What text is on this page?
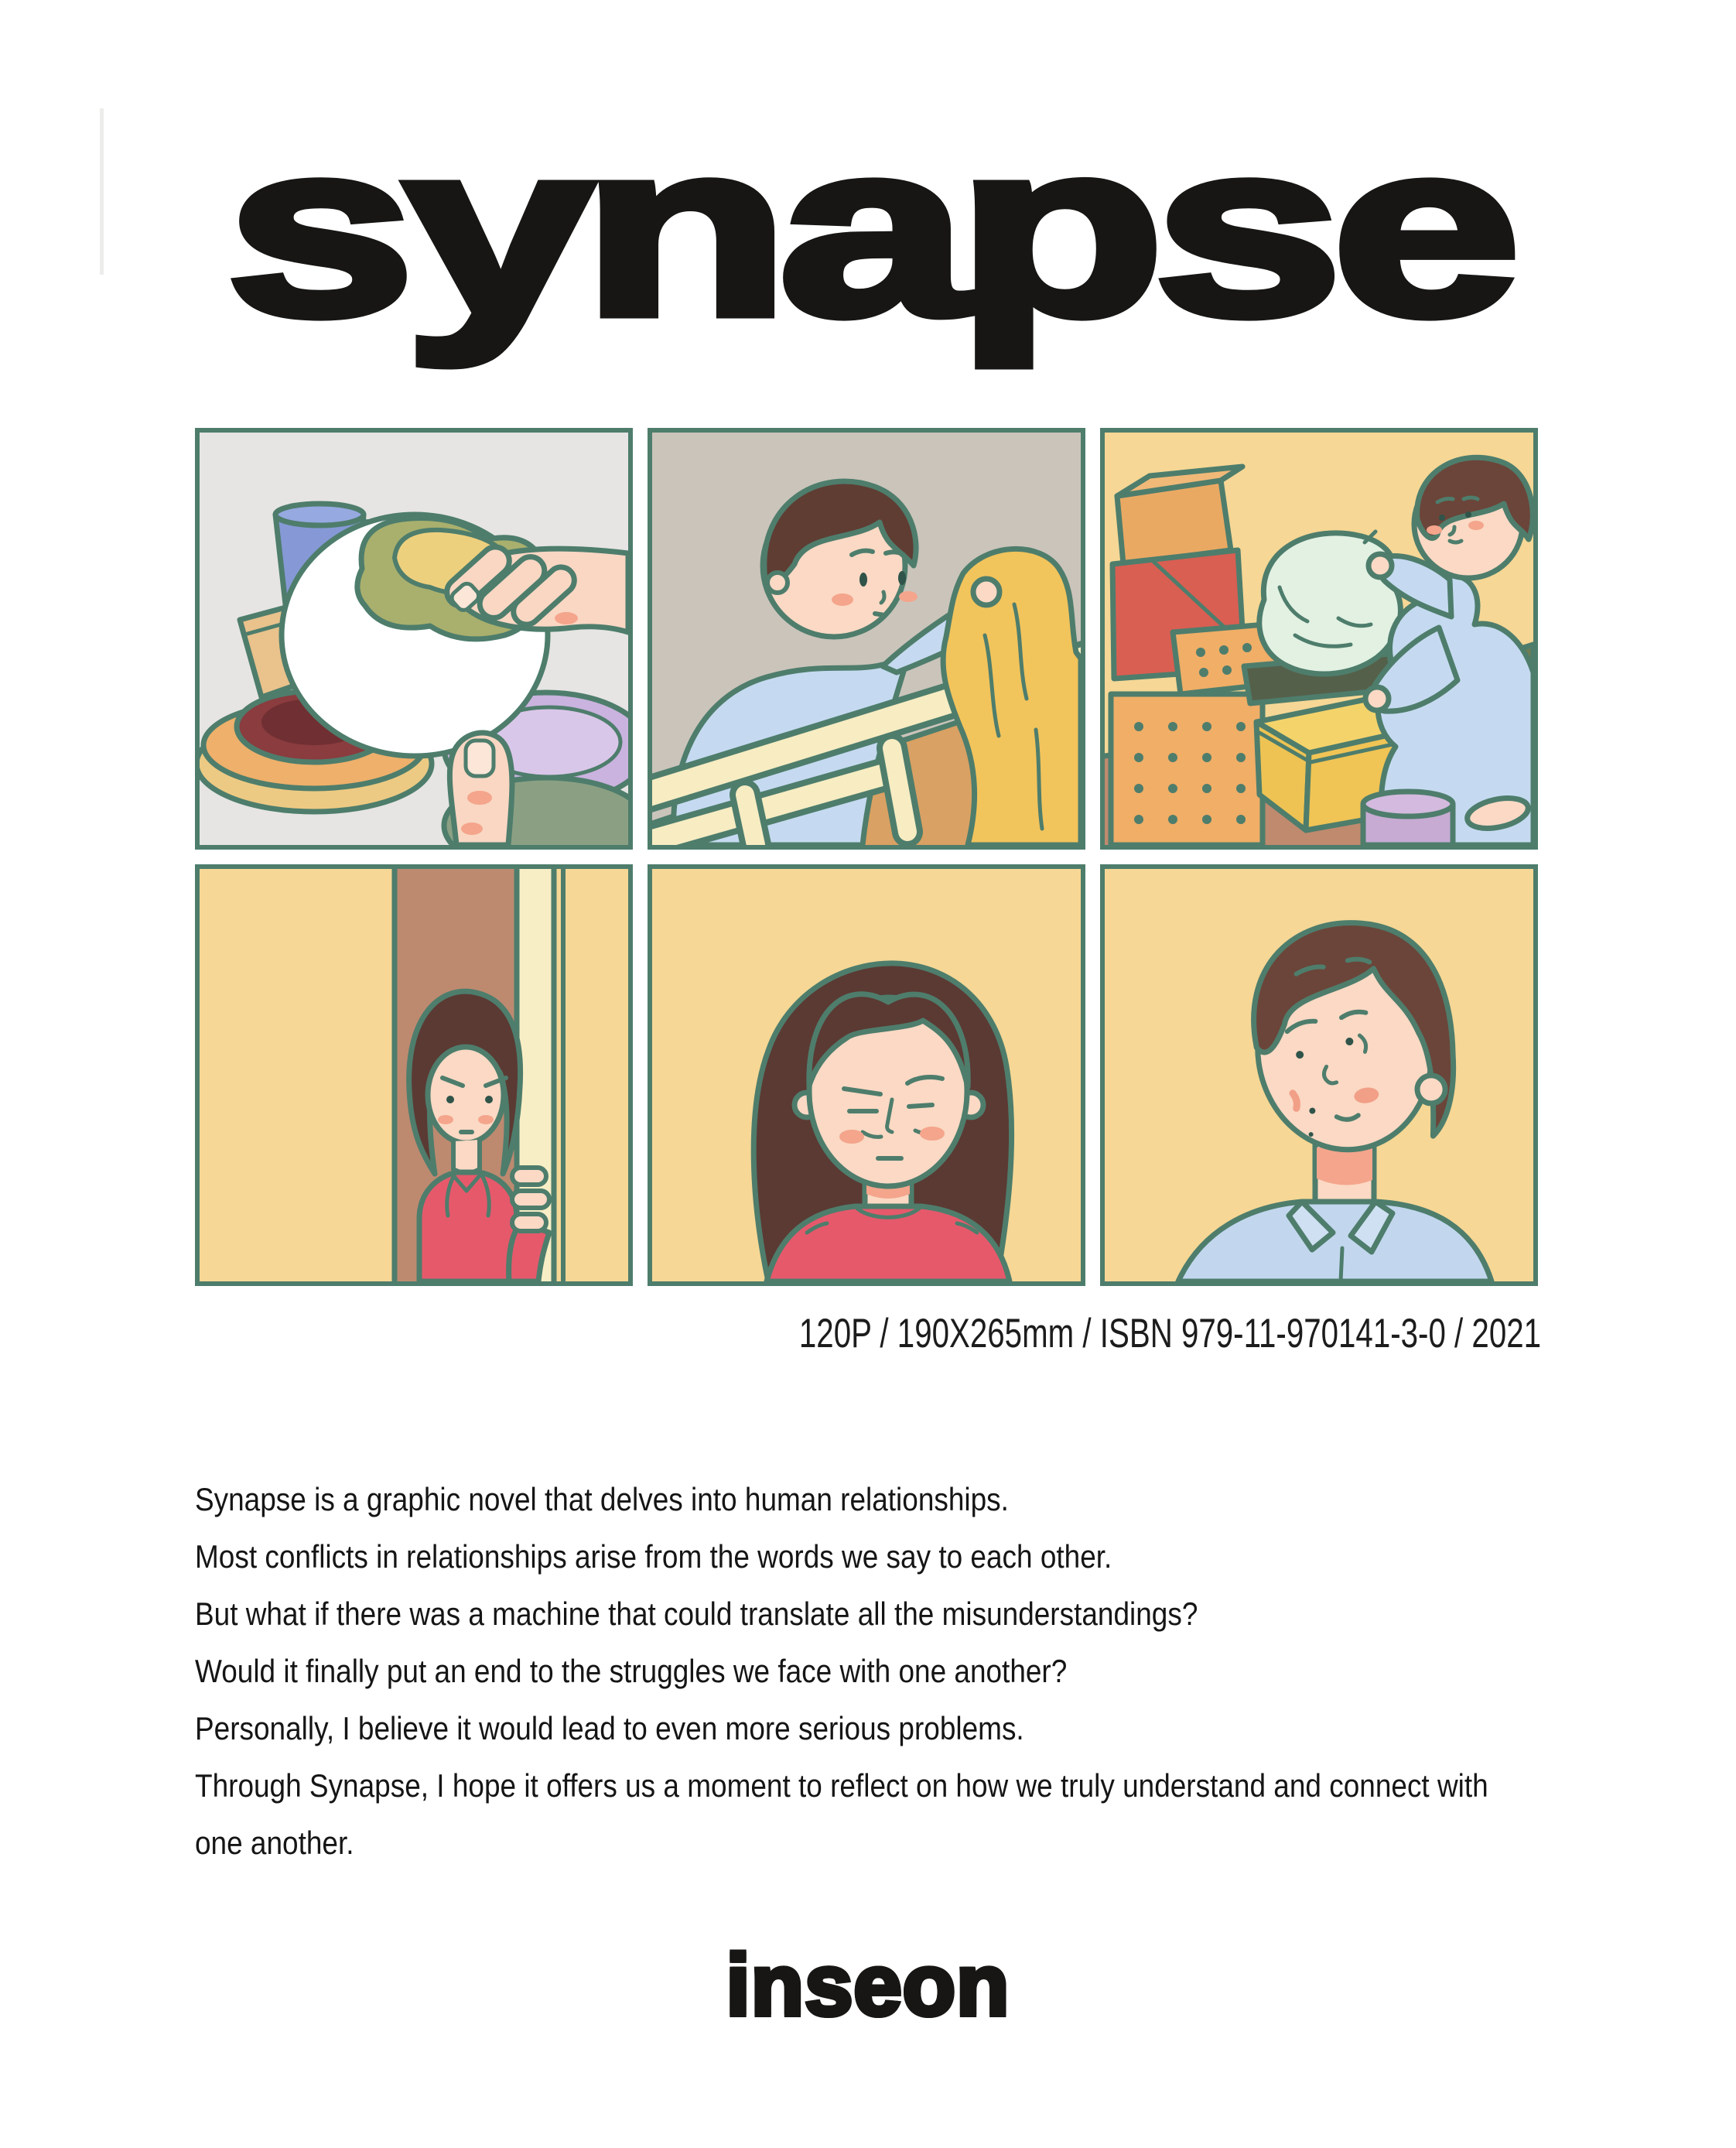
synapse
120P / 190X265mm / ISBN 979-11-970141-3-0 / 2021

Synapse is a graphic novel that delves into human relationships.

Most conflicts in relationships arise from the words we say to each other.

But what if there was a machine that could translate all the misunderstandings?

Would it finally put an end to the struggles we face with one another?

Personally, I believe it would lead to even more serious problems.

Through Synapse, I hope it offers us a moment to reflect on how we truly understand and connect with

one another.

inseon
